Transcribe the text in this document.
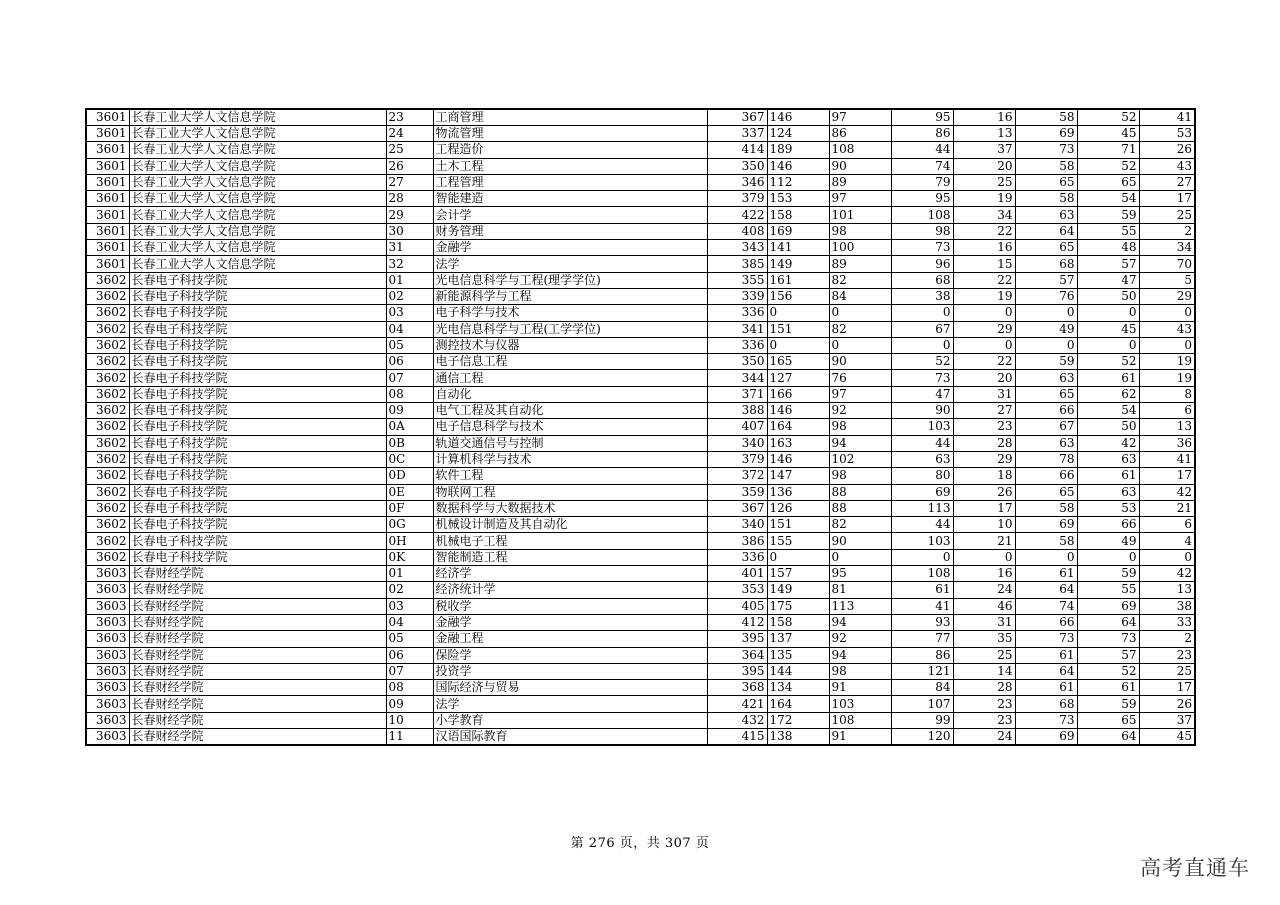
3601	长春工业大学人文信息学院	23	工商管理	367	146	97	95	16	58	52	41
3601	长春工业大学人文信息学院	24	物流管理	337	124	86	86	13	69	45	53
3601	长春工业大学人文信息学院	25	工程造价	414	189	108	44	37	73	71	26
3601	长春工业大学人文信息学院	26	土木工程	350	146	90	74	20	58	52	43
3601	长春工业大学人文信息学院	27	工程管理	346	112	89	79	25	65	65	27
3601	长春工业大学人文信息学院	28	智能建造	379	153	97	95	19	58	54	17
3601	长春工业大学人文信息学院	29	会计学	422	158	101	108	34	63	59	25
3601	长春工业大学人文信息学院	30	财务管理	408	169	98	98	22	64	55	2
3601	长春工业大学人文信息学院	31	金融学	343	141	100	73	16	65	48	34
3601	长春工业大学人文信息学院	32	法学	385	149	89	96	15	68	57	70
3602	长春电子科技学院	01	光电信息科学与工程(理学学位)	355	161	82	68	22	57	47	5
3602	长春电子科技学院	02	新能源科学与工程	339	156	84	38	19	76	50	29
3602	长春电子科技学院	03	电子科学与技术	336	0	0	0	0	0	0	0
3602	长春电子科技学院	04	光电信息科学与工程(工学学位)	341	151	82	67	29	49	45	43
3602	长春电子科技学院	05	测控技术与仪器	336	0	0	0	0	0	0	0
3602	长春电子科技学院	06	电子信息工程	350	165	90	52	22	59	52	19
3602	长春电子科技学院	07	通信工程	344	127	76	73	20	63	61	19
3602	长春电子科技学院	08	自动化	371	166	97	47	31	65	62	8
3602	长春电子科技学院	09	电气工程及其自动化	388	146	92	90	27	66	54	6
3602	长春电子科技学院	0A	电子信息科学与技术	407	164	98	103	23	67	50	13
3602	长春电子科技学院	0B	轨道交通信号与控制	340	163	94	44	28	63	42	36
3602	长春电子科技学院	0C	计算机科学与技术	379	146	102	63	29	78	63	41
3602	长春电子科技学院	0D	软件工程	372	147	98	80	18	66	61	17
3602	长春电子科技学院	0E	物联网工程	359	136	88	69	26	65	63	42
3602	长春电子科技学院	0F	数据科学与大数据技术	367	126	88	113	17	58	53	21
3602	长春电子科技学院	0G	机械设计制造及其自动化	340	151	82	44	10	69	66	6
3602	长春电子科技学院	0H	机械电子工程	386	155	90	103	21	58	49	4
3602	长春电子科技学院	0K	智能制造工程	336	0	0	0	0	0	0	0
3603	长春财经学院	01	经济学	401	157	95	108	16	61	59	42
3603	长春财经学院	02	经济统计学	353	149	81	61	24	64	55	13
3603	长春财经学院	03	税收学	405	175	113	41	46	74	69	38
3603	长春财经学院	04	金融学	412	158	94	93	31	66	64	33
3603	长春财经学院	05	金融工程	395	137	92	77	35	73	73	2
3603	长春财经学院	06	保险学	364	135	94	86	25	61	57	23
3603	长春财经学院	07	投资学	395	144	98	121	14	64	52	25
3603	长春财经学院	08	国际经济与贸易	368	134	91	84	28	61	61	17
3603	长春财经学院	09	法学	421	164	103	107	23	68	59	26
3603	长春财经学院	10	小学教育	432	172	108	99	23	73	65	37
3603	长春财经学院	11	汉语国际教育	415	138	91	120	24	69	64	45
第 276 页，共 307 页
高考直通车
